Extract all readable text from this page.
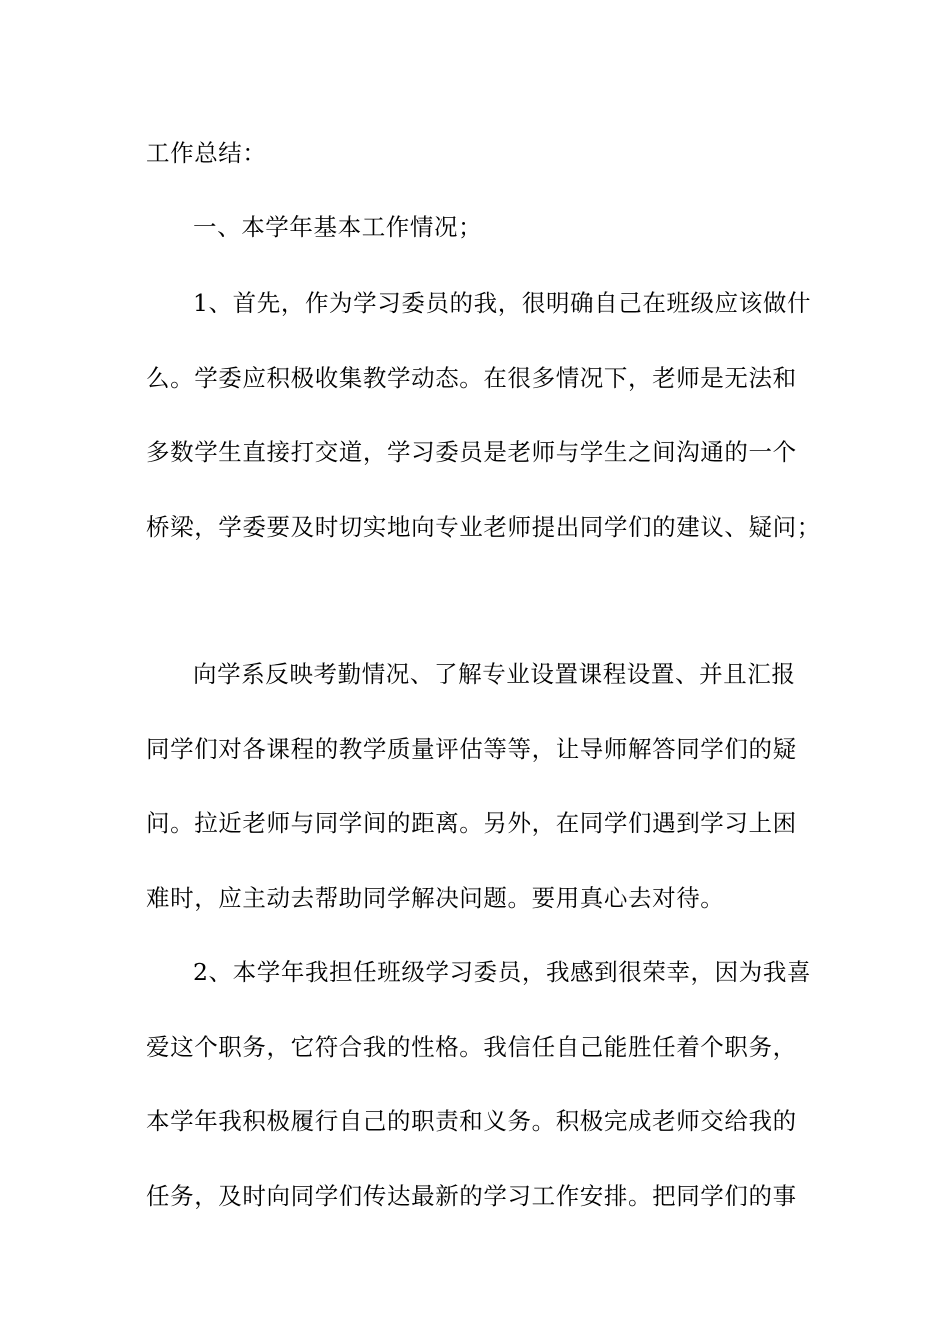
工作总结：
一、本学年基本工作情况；
1、首先，作为学习委员的我，很明确自己在班级应该做什
么。学委应积极收集教学动态。在很多情况下，老师是无法和
多数学生直接打交道，学习委员是老师与学生之间沟通的一个
桥梁，学委要及时切实地向专业老师提出同学们的建议、疑问；
向学系反映考勤情况、了解专业设置课程设置、并且汇报
同学们对各课程的教学质量评估等等，让导师解答同学们的疑
问。拉近老师与同学间的距离。另外，在同学们遇到学习上困
难时，应主动去帮助同学解决问题。要用真心去对待。
2、本学年我担任班级学习委员，我感到很荣幸，因为我喜
爱这个职务，它符合我的性格。我信任自己能胜任着个职务，
本学年我积极履行自己的职责和义务。积极完成老师交给我的
任务，及时向同学们传达最新的学习工作安排。把同学们的事
